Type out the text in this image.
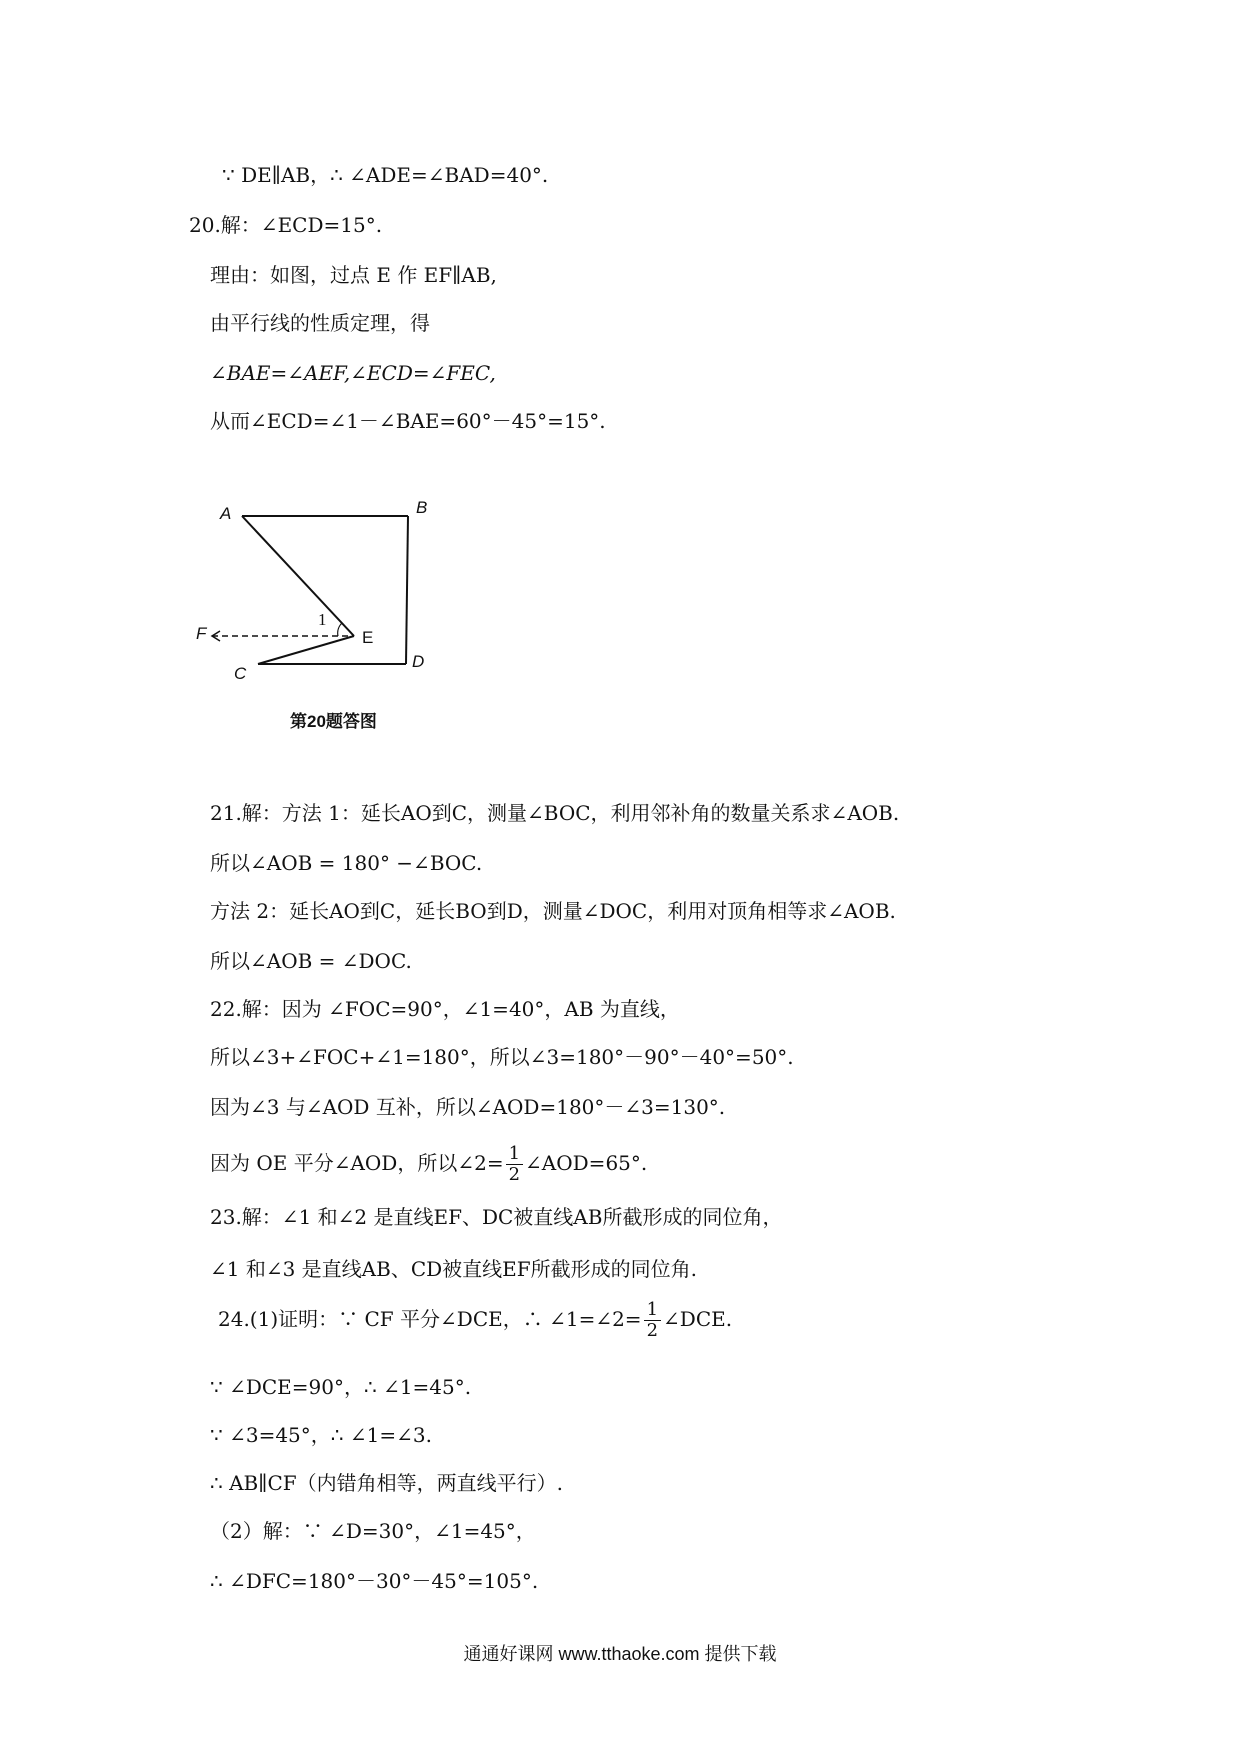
∵ DE∥AB，∴ ∠ADE=∠BAD=40°.
20.解：∠ECD=15°.
理由：如图，过点 E 作 EF∥AB,
由平行线的性质定理，得
∠BAE=∠AEF,∠ECD=∠FEC,
从而∠ECD=∠1－∠BAE=60°－45°=15°.
A	B
F	E
C
D
1
第20题答图
21.解：方法 1：延长AO到C，测量∠BOC，利用邻补角的数量关系求∠AOB.
所以∠AOB = 180° −∠BOC.
方法 2：延长AO到C，延长BO到D，测量∠DOC，利用对顶角相等求∠AOB.
所以∠AOB = ∠DOC.
22.解：因为 ∠FOC=90°，∠1=40°，AB 为直线，
所以∠3+∠FOC+∠1=180°，所以∠3=180°－90°－40°=50°.
因为∠3 与∠AOD 互补，所以∠AOD=180°－∠3=130°.
因为 OE 平分∠AOD，所以∠2= $\frac{1}{2}$ ∠AOD=65°.
23.解：∠1 和∠2 是直线EF、DC被直线AB所截形成的同位角，
∠1 和∠3 是直线AB、CD被直线EF所截形成的同位角.
24.(1)证明：∵ CF 平分∠DCE，∴ ∠1=∠2= $\frac{1}{2}$ ∠DCE.
∵ ∠DCE=90°，∴ ∠1=45°.
∵ ∠3=45°，∴ ∠1=∠3.
∴ AB∥CF（内错角相等，两直线平行）.
（2）解：∵ ∠D=30°，∠1=45°，
∴ ∠DFC=180°－30°－45°=105°.
通通好课网 www.tthaoke.com 提供下载
